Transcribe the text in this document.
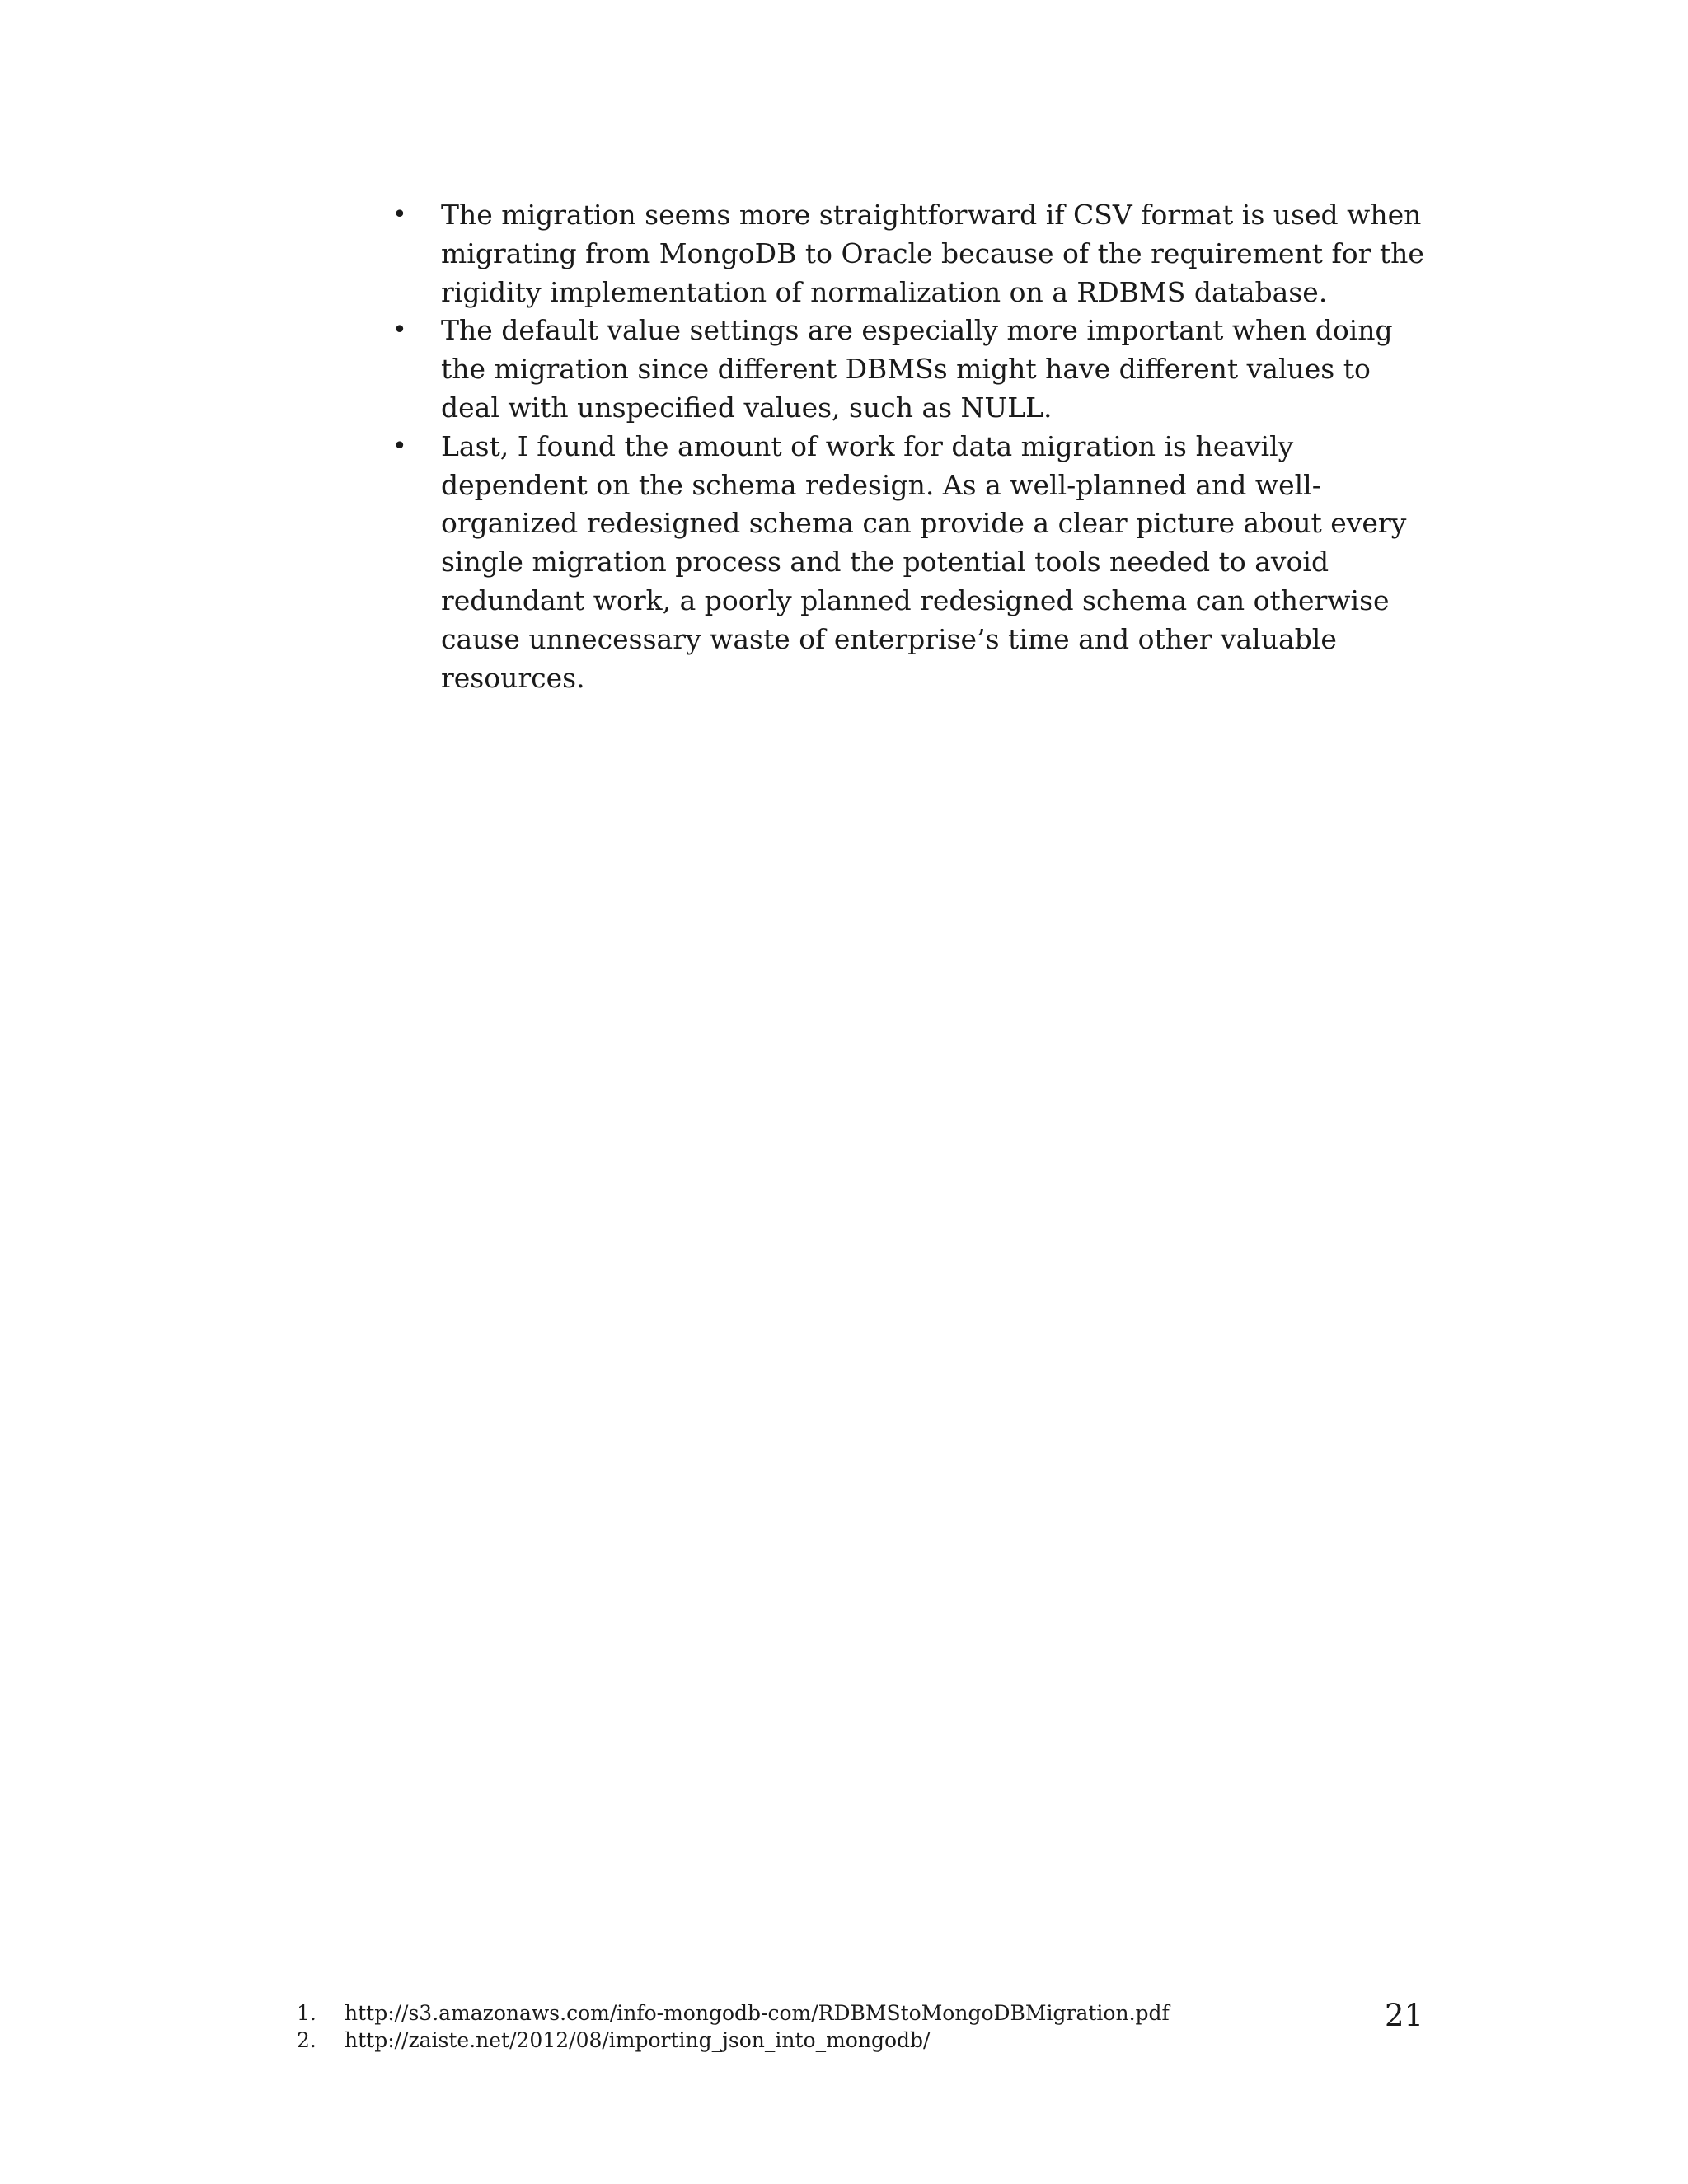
• The migration seems more straightforward if CSV format is used when migrating from MongoDB to Oracle because of the requirement for the rigidity implementation of normalization on a RDBMS database.
• The default value settings are especially more important when doing the migration since different DBMSs might have different values to deal with unspecified values, such as NULL.
• Last, I found the amount of work for data migration is heavily dependent on the schema redesign. As a well-planned and well-organized redesigned schema can provide a clear picture about every single migration process and the potential tools needed to avoid redundant work, a poorly planned redesigned schema can otherwise cause unnecessary waste of enterprise’s time and other valuable resources.
1. http://s3.amazonaws.com/info-mongodb-com/RDBMStoMongoDBMigration.pdf
2. http://zaiste.net/2012/08/importing_json_into_mongodb/
21
